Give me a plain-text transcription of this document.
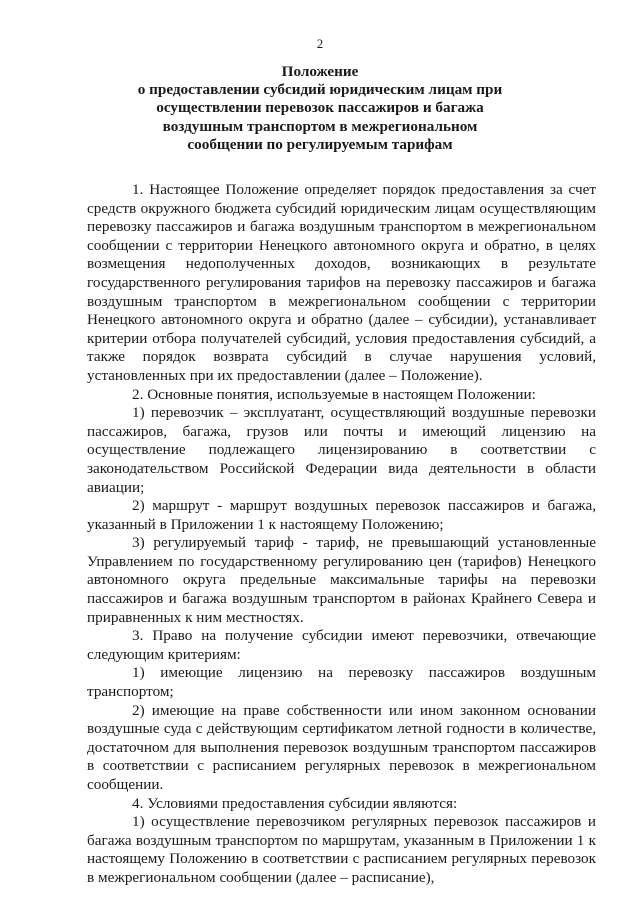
2
Положение
о предоставлении субсидий юридическим лицам при
осуществлении перевозок пассажиров и багажа
воздушным транспортом в межрегиональном
сообщении по регулируемым тарифам

1. Настоящее Положение определяет порядок предоставления за счет средств окружного бюджета субсидий юридическим лицам осуществляющим перевозку пассажиров и багажа воздушным транспортом в межрегиональном сообщении с территории Ненецкого автономного округа и обратно, в целях возмещения недополученных доходов, возникающих в результате государственного регулирования тарифов на перевозку пассажиров и багажа воздушным транспортом в межрегиональном сообщении с территории Ненецкого автономного округа и обратно (далее – субсидии), устанавливает критерии отбора получателей субсидий, условия предоставления субсидий, а также порядок возврата субсидий в случае нарушения условий, установленных при их предоставлении (далее – Положение).

2. Основные понятия, используемые в настоящем Положении:

1) перевозчик – эксплуатант, осуществляющий воздушные перевозки пассажиров, багажа, грузов или почты и имеющий лицензию на осуществление подлежащего лицензированию в соответствии с законодательством Российской Федерации вида деятельности в области авиации;

2) маршрут - маршрут воздушных перевозок пассажиров и багажа, указанный в Приложении 1 к настоящему Положению;

3) регулируемый тариф - тариф, не превышающий установленные Управлением по государственному регулированию цен (тарифов) Ненецкого автономного округа предельные максимальные тарифы на перевозки пассажиров и багажа воздушным транспортом в районах Крайнего Севера и приравненных к ним местностях.

3. Право на получение субсидии имеют перевозчики, отвечающие следующим критериям:

1) имеющие лицензию на перевозку пассажиров воздушным транспортом;

2) имеющие на праве собственности или ином законном основании воздушные суда с действующим сертификатом летной годности в количестве, достаточном для выполнения перевозок воздушным транспортом пассажиров в соответствии с расписанием регулярных перевозок в межрегиональном сообщении.

4. Условиями предоставления субсидии являются:

1) осуществление перевозчиком регулярных перевозок пассажиров и багажа воздушным транспортом по маршрутам, указанным в Приложении 1 к настоящему Положению в соответствии с расписанием регулярных перевозок в межрегиональном сообщении (далее – расписание),
